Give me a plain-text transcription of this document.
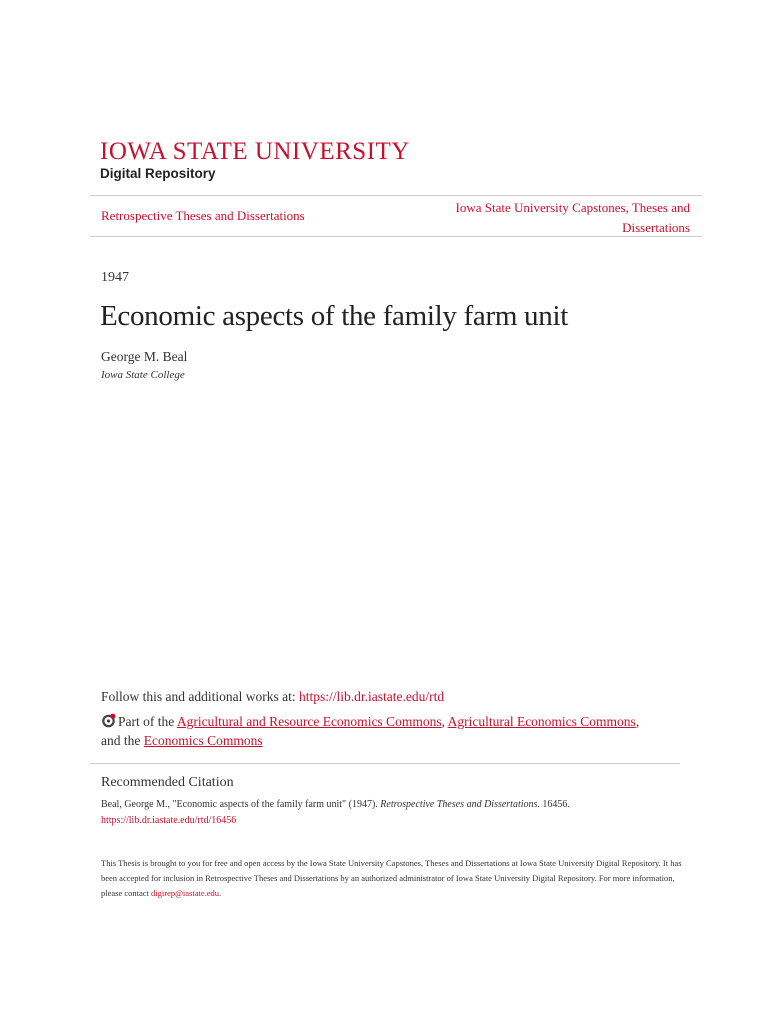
IOWA STATE UNIVERSITY
Digital Repository
Retrospective Theses and Dissertations
Iowa State University Capstones, Theses and Dissertations
1947
Economic aspects of the family farm unit
George M. Beal
Iowa State College
Follow this and additional works at: https://lib.dr.iastate.edu/rtd
Part of the Agricultural and Resource Economics Commons, Agricultural Economics Commons,
and the Economics Commons
Recommended Citation
Beal, George M., "Economic aspects of the family farm unit" (1947). Retrospective Theses and Dissertations. 16456.
https://lib.dr.iastate.edu/rtd/16456
This Thesis is brought to you for free and open access by the Iowa State University Capstones, Theses and Dissertations at Iowa State University Digital Repository. It has been accepted for inclusion in Retrospective Theses and Dissertations by an authorized administrator of Iowa State University Digital Repository. For more information, please contact digirep@iastate.edu.
